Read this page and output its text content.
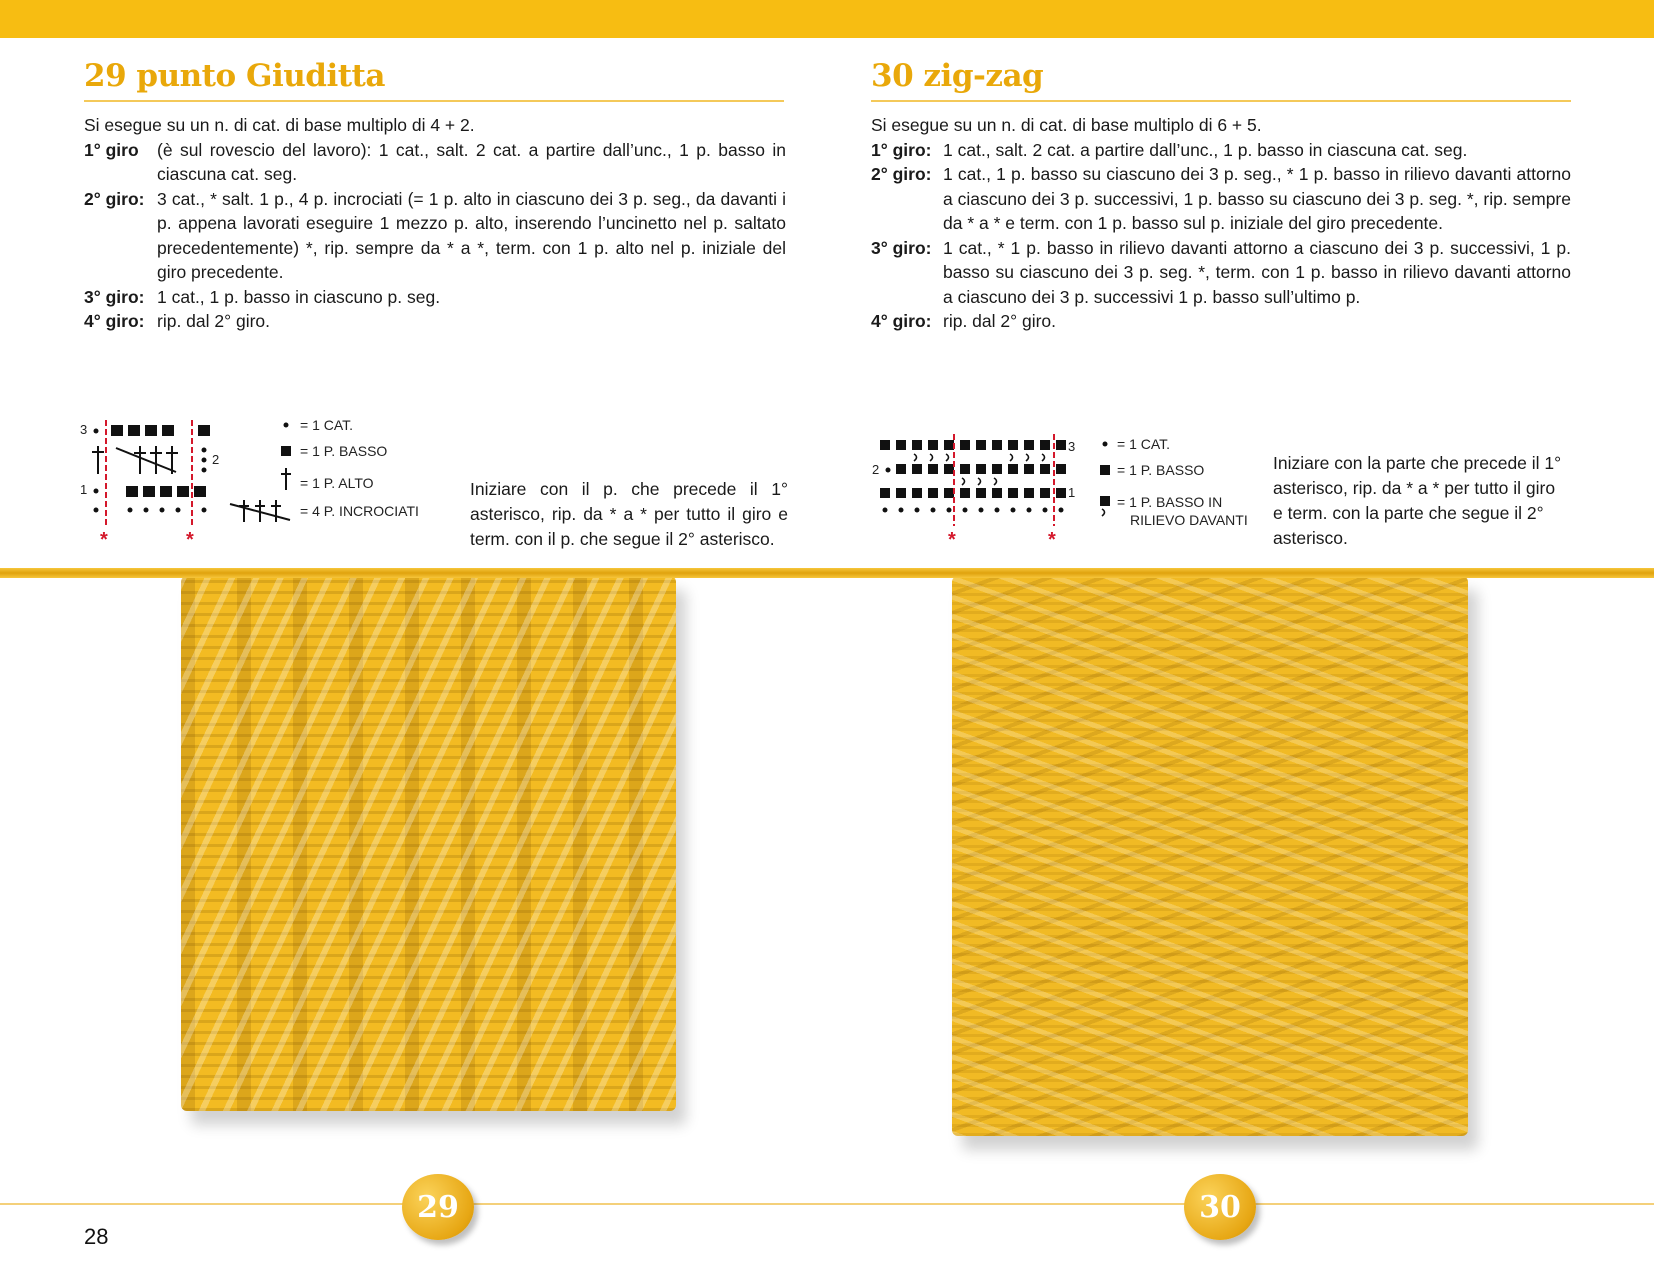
29 punto Giuditta

Si esegue su un n. di cat. di base multiplo di 4 + 2.

1° giro	(è sul rovescio del lavoro): 1 cat., salt. 2 cat. a partire dall’unc., 1 p. basso in ciascuna cat. seg.
2° giro: 3 cat., * salt. 1 p., 4 p. incrociati (= 1 p. alto in ciascuno dei 3 p. seg., da davanti i p. appena lavorati eseguire 1 mezzo p. alto, inserendo l’uncinetto nel p. saltato precedentemente) *, rip. sempre da * a *, term. con 1 p. alto nel p. iniziale del giro precedente.
3° giro: 1 cat., 1 p. basso in ciascuno p. seg.
4° giro: rip. dal 2° giro.
3
2
1
*	*
= 1 CAT.
= 1 P. BASSO
= 1 P. ALTO
= 4 P. INCROCIATI
Iniziare con il p. che precede il 1° asterisco, rip. da * a * per tutto il giro e term. con il p. che segue il 2° asterisco.
30 zig-zag

Si esegue su un n. di cat. di base multiplo di 6 + 5.

1° giro: 1 cat., salt. 2 cat. a partire dall’unc., 1 p. basso in ciascuna cat. seg.
2° giro: 1 cat., 1 p. basso su ciascuno dei 3 p. seg., * 1 p. basso in rilievo davanti attorno a ciascuno dei 3 p. successivi, 1 p. basso su ciascuno dei 3 p. seg. *, rip. sempre da * a * e term. con 1 p. basso sul p. iniziale del giro precedente.
3° giro: 1 cat., * 1 p. basso in rilievo davanti attorno a ciascuno dei 3 p. successivi, 1 p. basso su ciascuno dei 3 p. seg. *, term. con 1 p. basso in rilievo davanti attorno a ciascuno dei 3 p. successivi 1 p. basso sull’ultimo p.
4° giro: rip. dal 2° giro.
3
2
1
*	*
= 1 CAT.
= 1 P. BASSO
= 1 P. BASSO IN
RILIEVO DAVANTI
Iniziare con la parte che precede il 1° asterisco, rip. da * a * per tutto il giro e term. con la parte che segue il 2° asterisco.
29	30
28
